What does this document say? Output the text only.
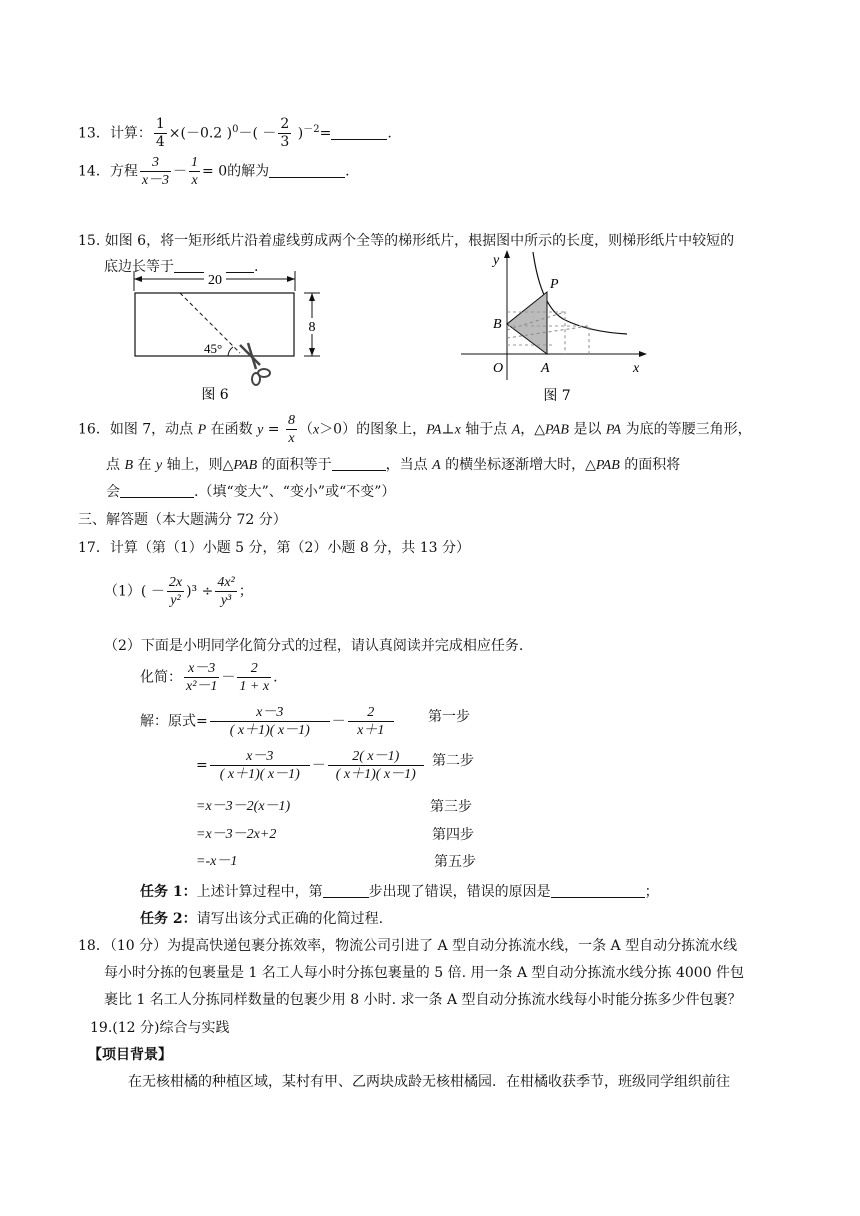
13．计算： $\frac{1}{4} \times(-0.2$ )$^0-( - \frac{2}{3} )^{-2}=$	.
14．方程 $\frac{3}{x-3} - \frac{1}{x} = 0$的解为	.
15. 如图 6，将一矩形纸片沿着虚线剪成两个全等的梯形纸片，根据图中所示的长度，则梯形纸片中较短的
底边长等于	.
20
8
45°
图 6
y
x
O
B
P
A
图 7
16．如图 7，动点 P 在函数 $y = \frac{8}{x} (x>0)$的图象上，PA⊥x 轴于点 A，△PAB 是以 PA 为底的等腰三角形，
点 B 在 y 轴上，则△PAB 的面积等于	，当点 A 的横坐标逐渐增大时，△PAB 的面积将
会	.（填“变大”、“变小”或“不变”）
三、解答题（本大题满分 72 分）
17．计算（第（1）小题 5 分，第（2）小题 8 分，共 13 分）
$(1)( - \frac{2x}{\text{y²}} )^3 \div \frac{\text{4x²}}{\text{y³}}$ ；
（2）下面是小明同学化简分式的过程，请认真阅读并完成相应任务.
化简： $\frac{x-3}{\text{x²－1}} - \frac{2}{1 + x}$ .
解：原式= $\frac{x-3}{( x+1)( x-1)} - \frac{2}{x+1}$ 第一步
= $\frac{x-3}{( x+1)( x-1)} - \frac{2( x-1)}{( x+1)( x-1)}$ 第二步
=x－3－2(x－1)	第三步
=x－3－2x+2	第四步
=-x－1	第五步
任务 1：上述计算过程中，第	步出现了错误，错误的原因是	；
任务 2：请写出该分式正确的化简过程.
18．（10 分）为提高快递包裹分拣效率，物流公司引进了 A 型自动分拣流水线，一条 A 型自动分拣流水线
每小时分拣的包裹量是 1 名工人每小时分拣包裹量的 5 倍. 用一条 A 型自动分拣流水线分拣 4000 件包
裹比 1 名工人分拣同样数量的包裹少用 8 小时. 求一条 A 型自动分拣流水线每小时能分拣多少件包裹？
19.(12 分)综合与实践
【项目背景】
在无核柑橘的种植区域，某村有甲、乙两块成龄无核柑橘园．在柑橘收获季节，班级同学组织前往
